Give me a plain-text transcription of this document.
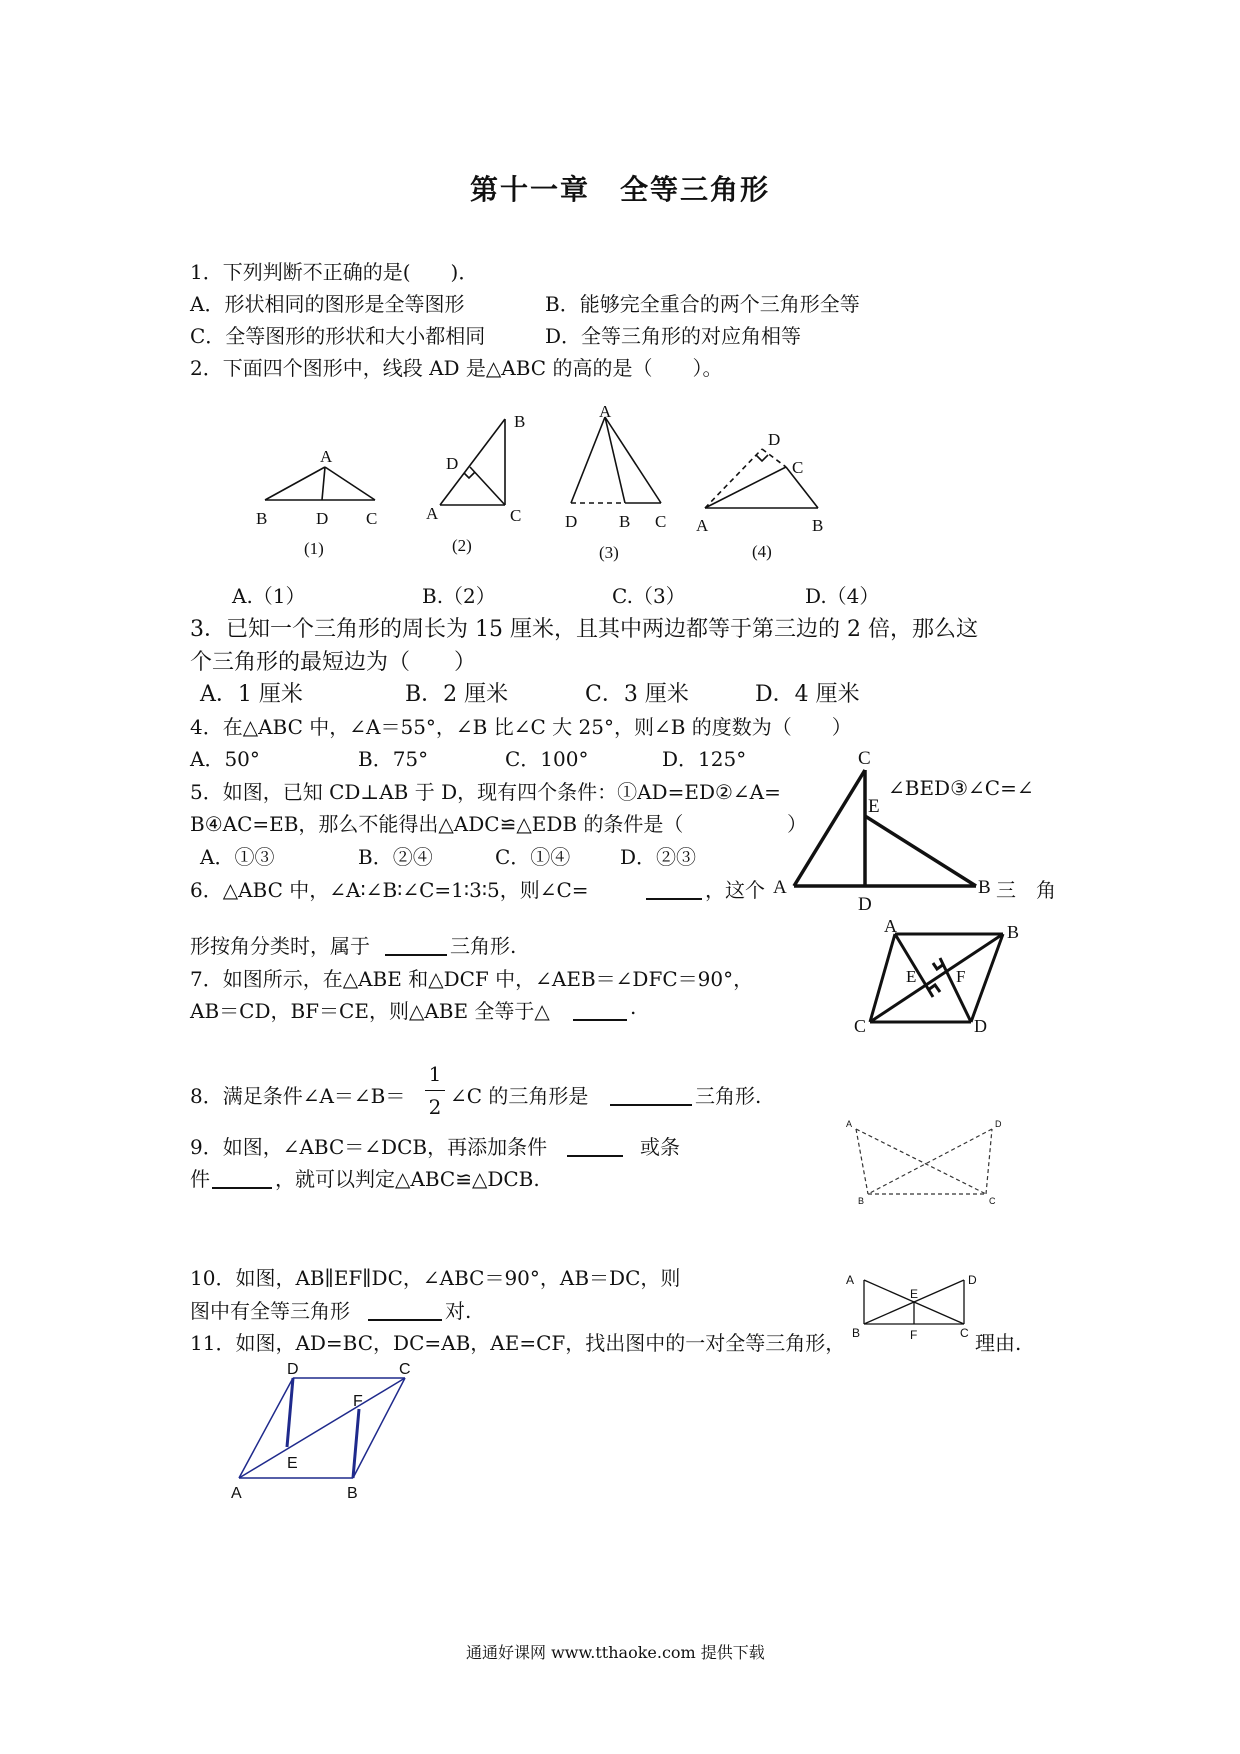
第十一章　全等三角形
1．下列判断不正确的是(　　)．
A．形状相同的图形是全等图形	B．能够完全重合的两个三角形全等
C．全等图形的形状和大小都相同	D．全等三角形的对应角相等
2．下面四个图形中，线段 AD 是△ABC 的高的是（　　）。
A
B	D C
(1)
B
D
A	C
(2)
A
D B C
(3)
D
C
A	B
(4)
A.（1）	B.（2）	C.（3）	D.（4）
3．已知一个三角形的周长为 15 厘米，且其中两边都等于第三边的 2 倍，那么这
个三角形的最短边为（　　）
A．1 厘米	B．2 厘米	C．3 厘米	D．4 厘米
4．在△ABC 中，∠A＝55°，∠B 比∠C 大 25°，则∠B 的度数为（　　）
A．50°	B．75°	C．100°	D．125°
5．如图，已知 CD⊥AB 于 D，现有四个条件：①AD=ED②∠A=	∠BED③∠C=∠
B④AC=EB，那么不能得出△ADC≌△EDB 的条件是（	）
A．①③	B．②④	C．①④ D．②③
C
E
A	B
D
6．△ABC 中，∠A∶∠B∶∠C=1∶3∶5，则∠C=	，这个	三　角
形按角分类时，属于	三角形.
7．如图所示，在△ABE 和△DCF 中，∠AEB＝∠DFC＝90°，
AB＝CD，BF＝CE，则△ABE 全等于△	.
A	B
C	D
E F
8．满足条件∠A＝∠B＝
1
2 ∠C 的三角形是	三角形.
9．如图，∠ABC＝∠DCB，再添加条件	或条
件	，就可以判定△ABC≌△DCB.
A	D
B	C
10．如图，AB∥EF∥DC，∠ABC＝90°，AB＝DC，则
图中有全等三角形	对.
A	D
E
B	F	C
11．如图，AD=BC，DC=AB，AE=CF，找出图中的一对全等三角形，	理由.
D	C
F
E
A	B
通通好课网 www.tthaoke.com 提供下载
